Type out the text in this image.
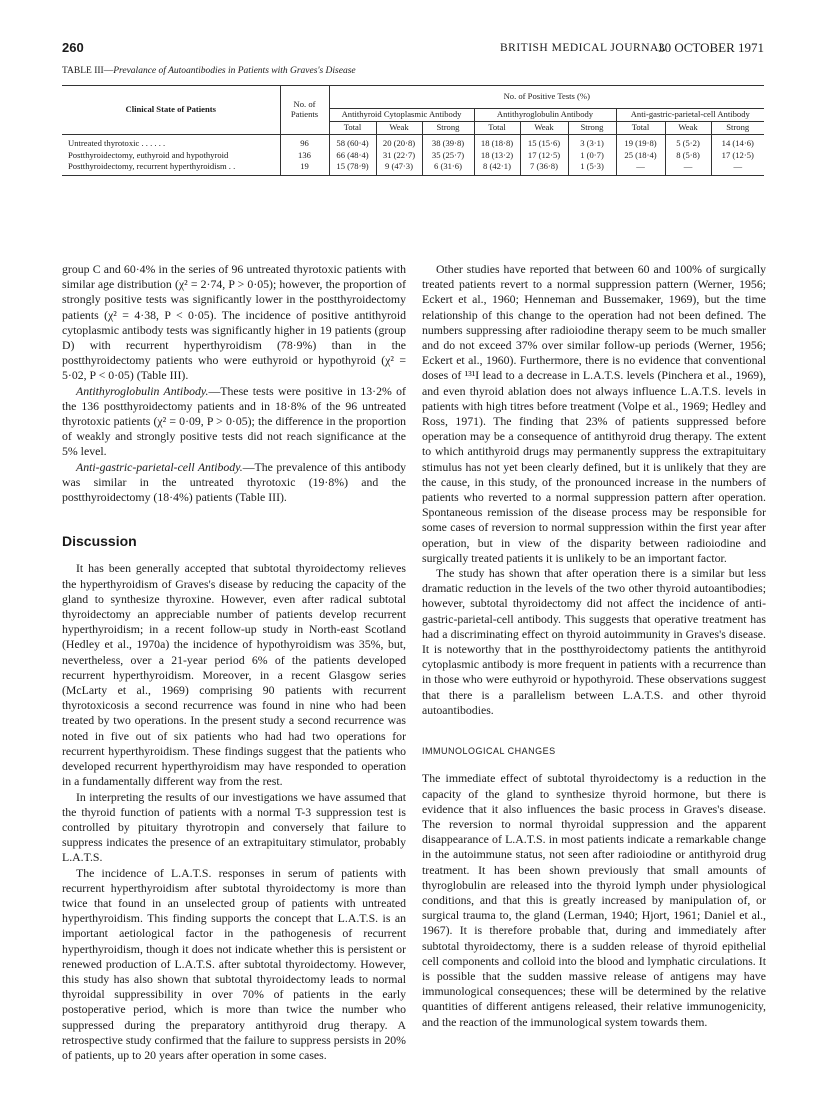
260	BRITISH MEDICAL JOURNAL
30 OCTOBER 1971
TABLE III—Prevalance of Autoantibodies in Patients with Graves's Disease
Clinical State of Patients	No. of Patients	No. of Positive Tests (%)								
		Antithyroid Cytoplasmic Antibody			Antithyroglobulin Antibody			Anti-gastric-parietal-cell Antibody		
		Total	Weak	Strong	Total	Weak	Strong	Total	Weak	Strong
Untreated thyrotoxic . . . . . .	96	58 (60·4)	20 (20·8)	38 (39·8)	18 (18·8)	15 (15·6)	3 (3·1)	19 (19·8)	5 (5·2)	14 (14·6)
Postthyroidectomy, euthyroid and hypothyroid	136	66 (48·4)	31 (22·7)	35 (25·7)	18 (13·2)	17 (12·5)	1 (0·7)	25 (18·4)	8 (5·8)	17 (12·5)
Postthyroidectomy, recurrent hyperthyroidism . .	19	15 (78·9)	9 (47·3)	6 (31·6)	8 (42·1)	7 (36·8)	1 (5·3)	—	—	—

group C and 60·4% in the series of 96 untreated thyrotoxic patients with similar age distribution (χ² = 2·74, P > 0·05); however, the proportion of strongly positive tests was significantly lower in the postthyroidectomy patients (χ² = 4·38, P < 0·05). The incidence of positive antithyroid cytoplasmic antibody tests was significantly higher in 19 patients (group D) with recurrent hyperthyroidism (78·9%) than in the postthyroidectomy patients who were euthyroid or hypothyroid (χ² = 5·02, P < 0·05) (Table III).

Antithyroglobulin Antibody.—These tests were positive in 13·2% of the 136 postthyroidectomy patients and in 18·8% of the 96 untreated thyrotoxic patients (χ² = 0·09, P > 0·05); the difference in the proportion of weakly and strongly positive tests did not reach significance at the 5% level.

Anti-gastric-parietal-cell Antibody.—The prevalence of this antibody was similar in the untreated thyrotoxic (19·8%) and the postthyroidectomy (18·4%) patients (Table III).

Discussion

It has been generally accepted that subtotal thyroidectomy relieves the hyperthyroidism of Graves's disease by reducing the capacity of the gland to synthesize thyroxine. However, even after radical subtotal thyroidectomy an appreciable number of patients develop recurrent hyperthyroidism; in a recent follow-up study in North-east Scotland (Hedley et al., 1970a) the incidence of hypothyroidism was 35%, but, nevertheless, over a 21-year period 6% of the patients developed recurrent hyperthyroidism. Moreover, in a recent Glasgow series (McLarty et al., 1969) comprising 90 patients with recurrent thyrotoxicosis a second recurrence was found in nine who had been treated by two operations. In the present study a second recurrence was noted in five out of six patients who had had two operations for recurrent hyperthyroidism. These findings suggest that the patients who developed recurrent hyperthyroidism may have responded to operation in a fundamentally different way from the rest.

In interpreting the results of our investigations we have assumed that the thyroid function of patients with a normal T-3 suppression test is controlled by pituitary thyrotropin and conversely that failure to suppress indicates the presence of an extrapituitary stimulator, probably L.A.T.S.

The incidence of L.A.T.S. responses in serum of patients with recurrent hyperthyroidism after subtotal thyroidectomy is more than twice that found in an unselected group of patients with untreated hyperthyroidism. This finding supports the concept that L.A.T.S. is an important aetiological factor in the pathogenesis of recurrent hyperthyroidism, though it does not indicate whether this is persistent or renewed production of L.A.T.S. after subtotal thyroidectomy. However, this study has also shown that subtotal thyroidectomy leads to normal thyroidal suppressibility in over 70% of patients in the early postoperative period, which is more than twice the number who suppressed during the preparatory antithyroid drug therapy. A retrospective study confirmed that the failure to suppress persists in 20% of patients, up to 20 years after operation in some cases.

Other studies have reported that between 60 and 100% of surgically treated patients revert to a normal suppression pattern (Werner, 1956; Eckert et al., 1960; Henneman and Bussemaker, 1969), but the time relationship of this change to the operation had not been defined. The numbers suppressing after radioiodine therapy seem to be much smaller and do not exceed 37% over similar follow-up periods (Werner, 1956; Eckert et al., 1960). Furthermore, there is no evidence that conventional doses of ¹³¹I lead to a decrease in L.A.T.S. levels (Pinchera et al., 1969), and even thyroid ablation does not always influence L.A.T.S. levels in patients with high titres before treatment (Volpe et al., 1969; Hedley and Ross, 1971). The finding that 23% of patients suppressed before operation may be a consequence of antithyroid drug therapy. The extent to which antithyroid drugs may permanently suppress the extrapituitary stimulus has not yet been clearly defined, but it is unlikely that they are the cause, in this study, of the pronounced increase in the numbers of patients who reverted to a normal suppression pattern after operation. Spontaneous remission of the disease process may be responsible for some cases of reversion to normal suppression within the first year after operation, but in view of the disparity between radioiodine and surgically treated patients it is unlikely to be an important factor.

The study has shown that after operation there is a similar but less dramatic reduction in the levels of the two other thyroid autoantibodies; however, subtotal thyroidectomy did not affect the incidence of anti-gastric-parietal-cell antibody. This suggests that operative treatment has had a discriminating effect on thyroid autoimmunity in Graves's disease. It is noteworthy that in the postthyroidectomy patients the antithyroid cytoplasmic antibody is more frequent in patients with a recurrence than in those who were euthyroid or hypothyroid. These observations suggest that there is a parallelism between L.A.T.S. and other thyroid autoantibodies.

IMMUNOLOGICAL CHANGES

The immediate effect of subtotal thyroidectomy is a reduction in the capacity of the gland to synthesize thyroid hormone, but there is evidence that it also influences the basic process in Graves's disease. The reversion to normal thyroidal suppression and the apparent disappearance of L.A.T.S. in most patients indicate a remarkable change in the autoimmune status, not seen after radioiodine or antithyroid drug treatment. It has been shown previously that small amounts of thyroglobulin are released into the thyroid lymph under physiological conditions, and that this is greatly increased by manipulation of, or surgical trauma to, the gland (Lerman, 1940; Hjort, 1961; Daniel et al., 1967). It is therefore probable that, during and immediately after subtotal thyroidectomy, there is a sudden release of thyroid epithelial cell components and colloid into the blood and lymphatic circulations. It is possible that the sudden massive release of antigens may have immunological consequences; these will be determined by the relative quantities of different antigens released, their relative immunogenicity, and the reaction of the immunological system towards them.
